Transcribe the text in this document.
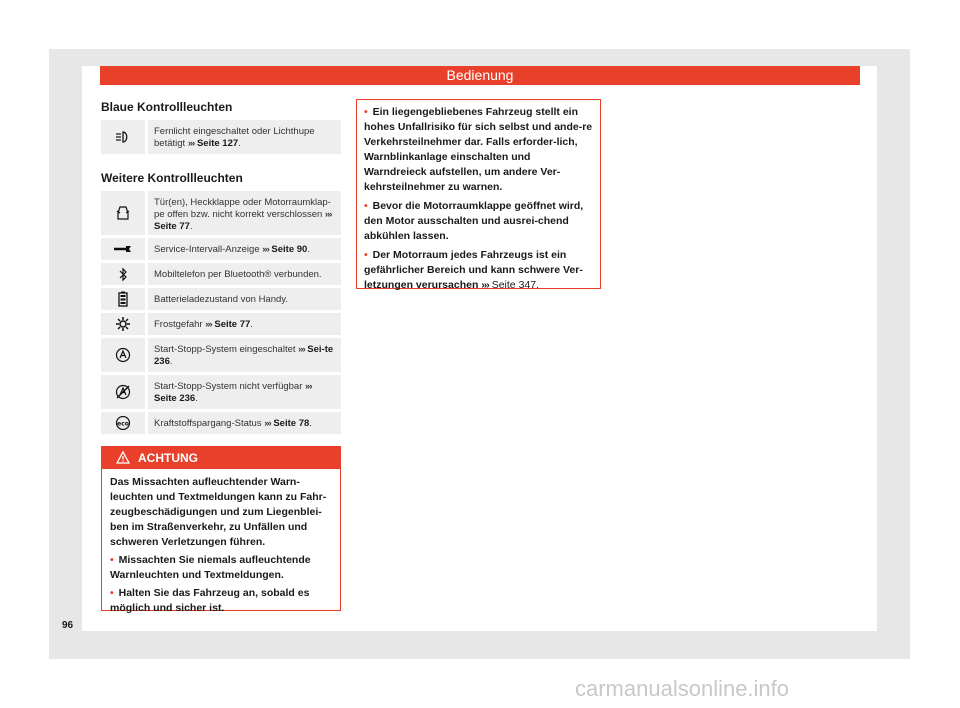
Bedienung
Blaue Kontrollleuchten
Fernlicht eingeschaltet oder Lichthupe betätigt ››› Seite 127.
Weitere Kontrollleuchten
Tür(en), Heckklappe oder Motorraumklap-pe offen bzw. nicht korrekt verschlossen ››› Seite 77.
Service-Intervall-Anzeige ››› Seite 90.
Mobiltelefon per Bluetooth® verbunden.
Batterieladezustand von Handy.
Frostgefahr ››› Seite 77.
Start-Stopp-System eingeschaltet ››› Sei-te 236.
Start-Stopp-System nicht verfügbar ››› Seite 236.
eco	Kraftstoffspargang-Status ››› Seite 78.
ACHTUNG

Das Missachten aufleuchtender Warn-leuchten und Textmeldungen kann zu Fahr-zeugbeschädigungen und zum Liegenblei-ben im Straßenverkehr, zu Unfällen und schweren Verletzungen führen.

• Missachten Sie niemals aufleuchtende Warnleuchten und Textmeldungen.

• Halten Sie das Fahrzeug an, sobald es möglich und sicher ist.

• Ein liegengebliebenes Fahrzeug stellt ein hohes Unfallrisiko für sich selbst und ande-re Verkehrsteilnehmer dar. Falls erforder-lich, Warnblinkanlage einschalten und Warndreieck aufstellen, um andere Ver-kehrsteilnehmer zu warnen.

• Bevor die Motorraumklappe geöffnet wird, den Motor ausschalten und ausrei-chend abkühlen lassen.

• Der Motorraum jedes Fahrzeugs ist ein gefährlicher Bereich und kann schwere Ver-letzungen verursachen ››› Seite 347.

96
carmanualsonline.info
